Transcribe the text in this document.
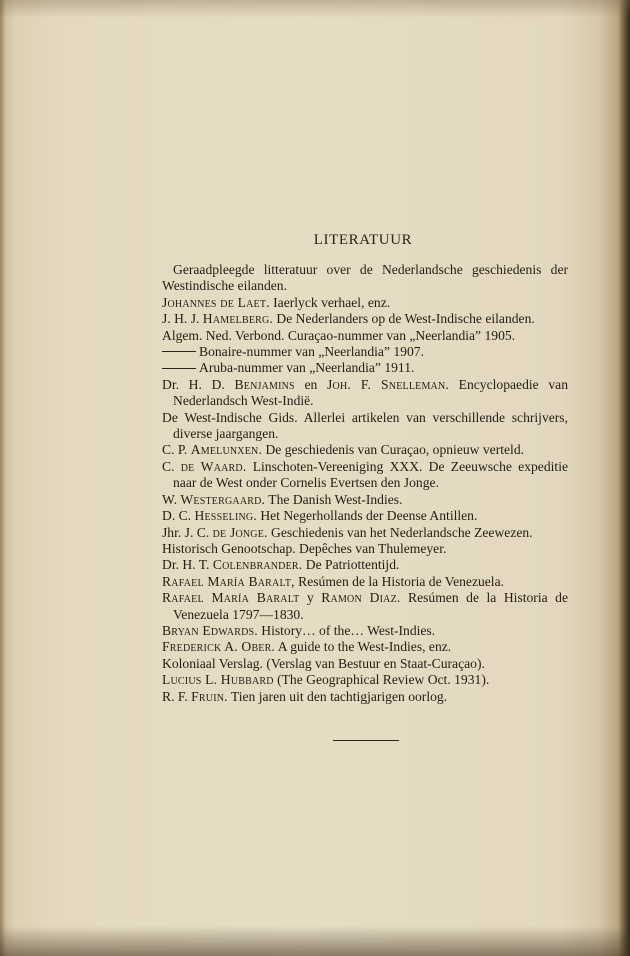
LITERATUUR

Geraadpleegde litteratuur over de Nederlandsche geschiedenis der Westindische eilanden.

Johannes de Laet. Iaerlyck verhael, enz.

J. H. J. Hamelberg. De Nederlanders op de West-Indische eilanden.

Algem. Ned. Verbond. Curaçao-nummer van „Neerlandia” 1905.

Bonaire-nummer van „Neerlandia” 1907.

Aruba-nummer van „Neerlandia” 1911.

Dr. H. D. Benjamins en Joh. F. Snelleman. Encyclopaedie van Nederlandsch West-Indië.

De West-Indische Gids. Allerlei artikelen van verschillende schrijvers, diverse jaargangen.

C. P. Amelunxen. De geschiedenis van Curaçao, opnieuw verteld.

C. de Waard. Linschoten-Vereeniging XXX. De Zeeuwsche expeditie naar de West onder Cornelis Evertsen den Jonge.

W. Westergaard. The Danish West-Indies.

D. C. Hesseling. Het Negerhollands der Deense Antillen.

Jhr. J. C. de Jonge. Geschiedenis van het Nederlandsche Zeewezen.

Historisch Genootschap. Depêches van Thulemeyer.

Dr. H. T. Colenbrander. De Patriottentijd.

Rafael María Baralt, Resúmen de la Historia de Venezuela.

Rafael María Baralt y Ramon Diaz. Resúmen de la Historia de Venezuela 1797—1830.

Bryan Edwards. History… of the… West-Indies.

Frederick A. Ober. A guide to the West-Indies, enz.

Koloniaal Verslag. (Verslag van Bestuur en Staat-Curaçao).

Lucius L. Hubbard (The Geographical Review Oct. 1931).

R. F. Fruin. Tien jaren uit den tachtigjarigen oorlog.
